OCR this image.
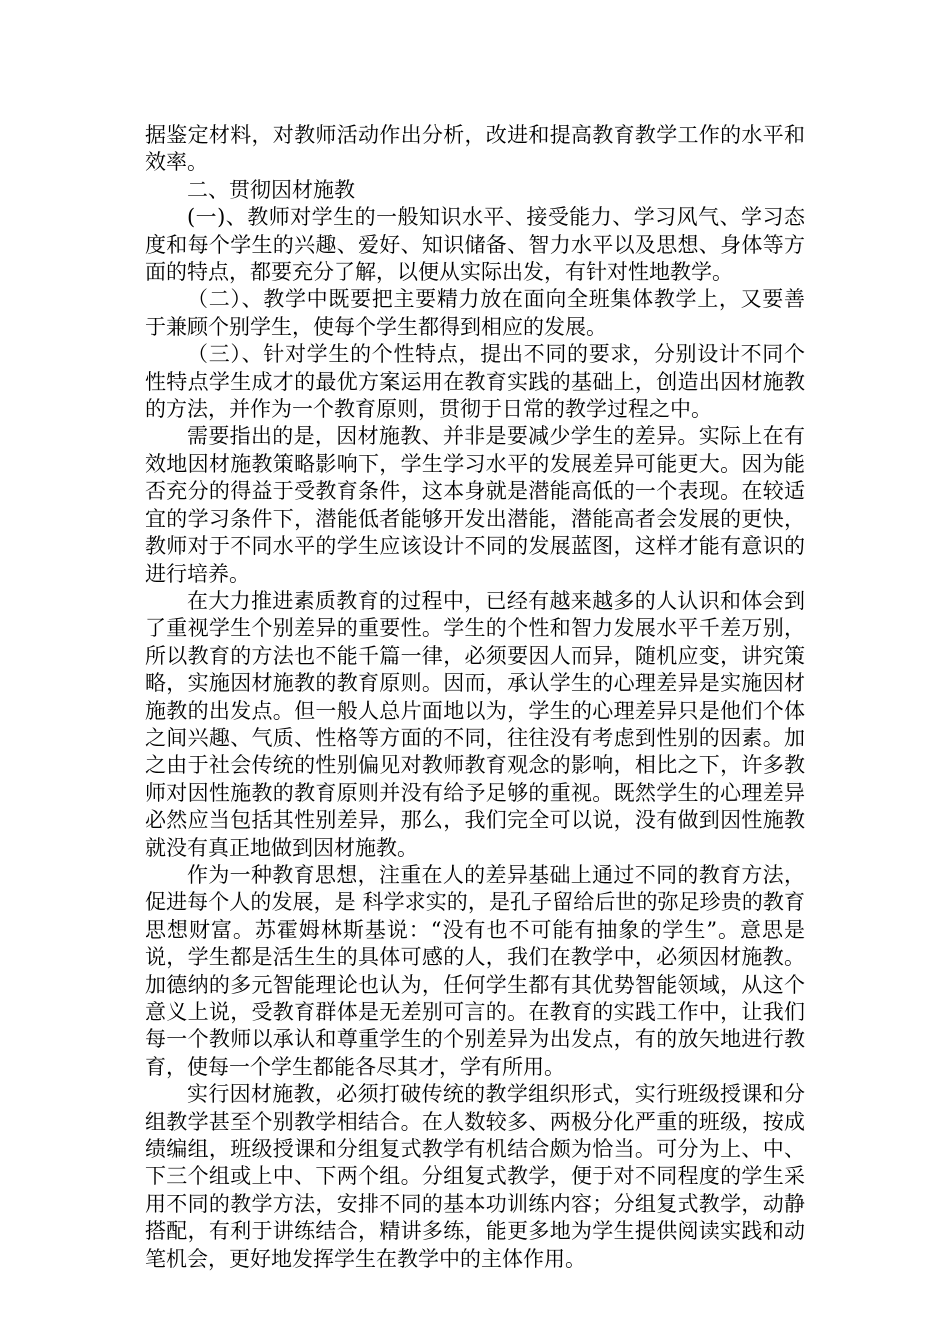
据鉴定材料，对教师活动作出分析，改进和提高教育教学工作的水平和效率。

二、贯彻因材施教

(一)、教师对学生的一般知识水平、接受能力、学习风气、学习态度和每个学生的兴趣、爱好、知识储备、智力水平以及思想、身体等方面的特点，都要充分了解，以便从实际出发，有针对性地教学。

（二）、教学中既要把主要精力放在面向全班集体教学上，又要善于兼顾个别学生，使每个学生都得到相应的发展。

（三）、针对学生的个性特点，提出不同的要求，分别设计不同个性特点学生成才的最优方案运用在教育实践的基础上，创造出因材施教的方法，并作为一个教育原则，贯彻于日常的教学过程之中。

需要指出的是，因材施教、并非是要减少学生的差异。实际上在有效地因材施教策略影响下，学生学习水平的发展差异可能更大。因为能否充分的得益于受教育条件，这本身就是潜能高低的一个表现。在较适宜的学习条件下，潜能低者能够开发出潜能，潜能高者会发展的更快，教师对于不同水平的学生应该设计不同的发展蓝图，这样才能有意识的进行培养。

在大力推进素质教育的过程中，已经有越来越多的人认识和体会到了重视学生个别差异的重要性。学生的个性和智力发展水平千差万别，所以教育的方法也不能千篇一律，必须要因人而异，随机应变，讲究策略，实施因材施教的教育原则。因而，承认学生的心理差异是实施因材施教的出发点。但一般人总片面地以为，学生的心理差异只是他们个体之间兴趣、气质、性格等方面的不同，往往没有考虑到性别的因素。加之由于社会传统的性别偏见对教师教育观念的影响，相比之下，许多教师对因性施教的教育原则并没有给予足够的重视。既然学生的心理差异必然应当包括其性别差异，那么，我们完全可以说，没有做到因性施教就没有真正地做到因材施教。

作为一种教育思想，注重在人的差异基础上通过不同的教育方法，促进每个人的发展，是 科学求实的，是孔子留给后世的弥足珍贵的教育思想财富。苏霍姆林斯基说：“没有也不可能有抽象的学生”。意思是说，学生都是活生生的具体可感的人，我们在教学中，必须因材施教。加德纳的多元智能理论也认为，任何学生都有其优势智能领域，从这个意义上说，受教育群体是无差别可言的。在教育的实践工作中，让我们每一个教师以承认和尊重学生的个别差异为出发点，有的放矢地进行教育，使每一个学生都能各尽其才，学有所用。

实行因材施教，必须打破传统的教学组织形式，实行班级授课和分组教学甚至个别教学相结合。在人数较多、两极分化严重的班级，按成绩编组，班级授课和分组复式教学有机结合颇为恰当。可分为上、中、下三个组或上中、下两个组。分组复式教学，便于对不同程度的学生采用不同的教学方法，安排不同的基本功训练内容；分组复式教学，动静搭配，有利于讲练结合，精讲多练，能更多地为学生提供阅读实践和动笔机会，更好地发挥学生在教学中的主体作用。
